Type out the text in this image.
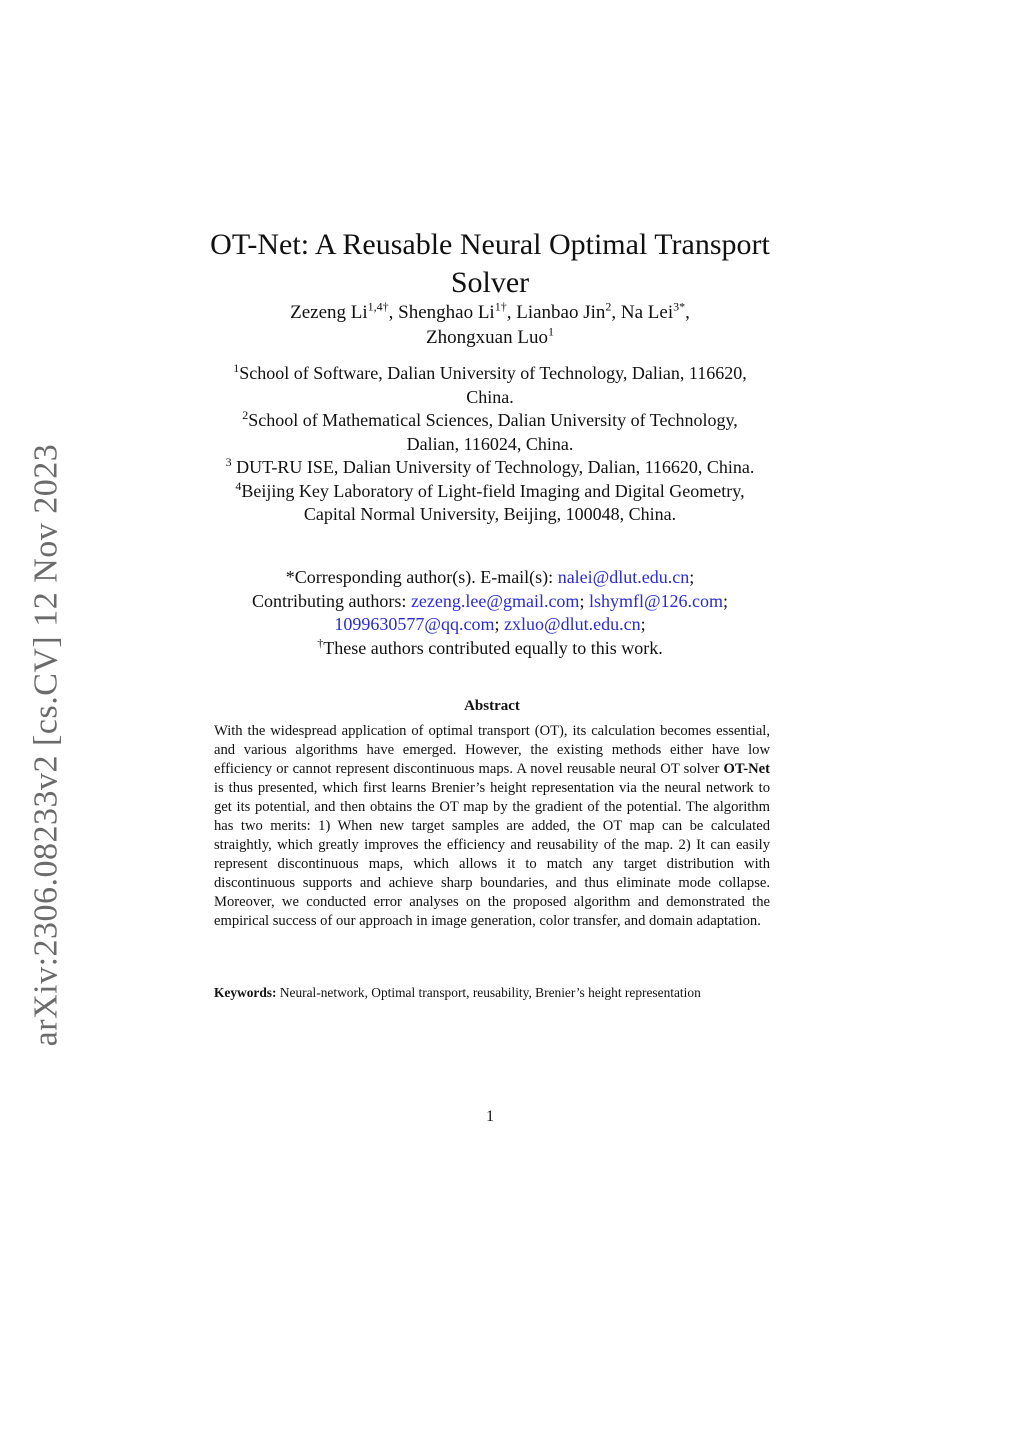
arXiv:2306.08233v2 [cs.CV] 12 Nov 2023
OT-Net: A Reusable Neural Optimal Transport
Solver
Zezeng $Li^{1,4\dagger}$, Shenghao $Li^{1\dagger}$, Lianbao Jin$^2$, Na Lei$^{3*}$,
Zhongxuan Luo$^1$

$^1$School of Software, Dalian University of Technology, Dalian, 116620,
China.

$^2$School of Mathematical Sciences, Dalian University of Technology,
Dalian, 116024, China.

$^3$ DUT-RU ISE, Dalian University of Technology, Dalian, 116620, China.

$^4$Beijing Key Laboratory of Light-field Imaging and Digital Geometry,
Capital Normal University, Beijing, 100048, China.

*Corresponding author(s). E-mail(s): nalei@dlut.edu.cn;

Contributing authors: zezeng.lee@gmail.com; lshymfl@126.com;

1099630577@qq.com; zxluo@dlut.edu.cn;

†These authors contributed equally to this work.

Abstract

With the widespread application of optimal transport (OT), its calculation becomes essential, and various algorithms have emerged. However, the existing methods either have low efficiency or cannot represent discontinuous maps. A novel reusable neural OT solver OT-Net is thus presented, which first learns Brenier’s height representation via the neural network to get its potential, and then obtains the OT map by the gradient of the potential. The algorithm has two merits: 1) When new target samples are added, the OT map can be calculated straightly, which greatly improves the efficiency and reusability of the map. 2) It can easily represent discontinuous maps, which allows it to match any target distribution with discontinuous supports and achieve sharp boundaries, and thus eliminate mode collapse. Moreover, we conducted error analyses on the proposed algorithm and demonstrated the empirical success of our approach in image generation, color transfer, and domain adaptation.

Keywords: Neural-network, Optimal transport, reusability, Brenier’s height representation

1
